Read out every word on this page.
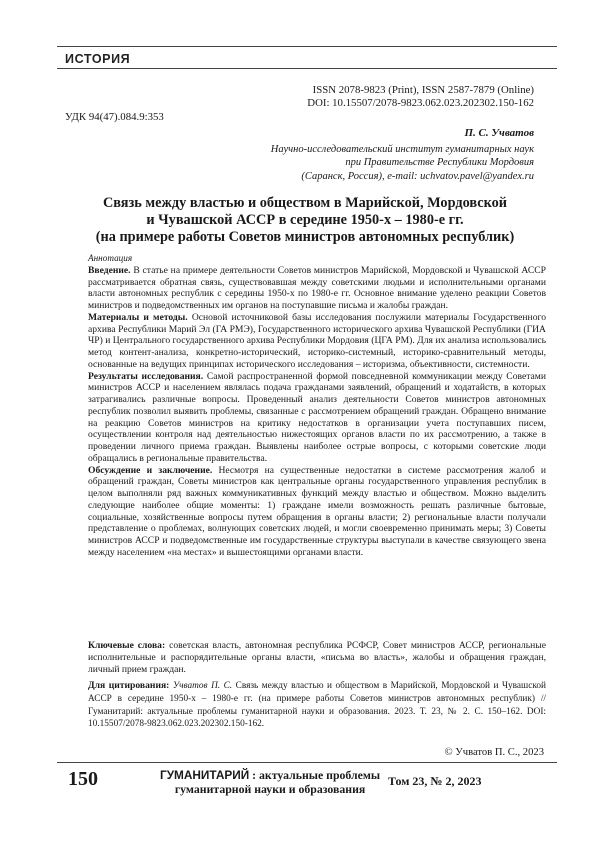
ИСТОРИЯ
ISSN 2078-9823 (Print), ISSN 2587-7879 (Online)
DOI: 10.15507/2078-9823.062.023.202302.150-162
УДК 94(47).084.9:353
П. С. Учватов
Научно-исследовательский институт гуманитарных наук
при Правительстве Республики Мордовия
(Саранск, Россия), e-mail: uchvatov.pavel@yandex.ru
Связь между властью и обществом в Марийской, Мордовской
и Чувашской АССР в середине 1950-х – 1980-е гг.
(на примере работы Советов министров автономных республик)

Аннотация

Введение. В статье на примере деятельности Советов министров Марийской, Мордовской и Чувашской АССР рассматривается обратная связь, существовавшая между советскими людьми и исполнительными органами власти автономных республик с середины 1950-х по 1980-е гг. Основное внимание уделено реакции Советов министров и подведомственных им органов на поступавшие письма и жалобы граждан.

Материалы и методы. Основой источниковой базы исследования послужили материалы Государственного архива Республики Марий Эл (ГА РМЭ), Государственного исторического архива Чувашской Республики (ГИА ЧР) и Центрального государственного архива Республики Мордовия (ЦГА РМ). Для их анализа использовались метод контент-анализа, конкретно-исторический, историко-системный, историко-сравнительный методы, основанные на ведущих принципах исторического исследования – историзма, объективности, системности.

Результаты исследования. Самой распространенной формой повседневной коммуникации между Советами министров АССР и населением являлась подача гражданами заявлений, обращений и ходатайств, в которых затрагивались различные вопросы. Проведенный анализ деятельности Советов министров автономных республик позволил выявить проблемы, связанные с рассмотрением обращений граждан. Обращено внимание на реакцию Советов министров на критику недостатков в организации учета поступавших писем, осуществлении контроля над деятельностью нижестоящих органов власти по их рассмотрению, а также в проведении личного приема граждан. Выявлены наиболее острые вопросы, с которыми советские люди обращались в региональные правительства.

Обсуждение и заключение. Несмотря на существенные недостатки в системе рассмотрения жалоб и обращений граждан, Советы министров как центральные органы государственного управления республик в целом выполняли ряд важных коммуникативных функций между властью и обществом. Можно выделить следующие наиболее общие моменты: 1) граждане имели возможность решать различные бытовые, социальные, хозяйственные вопросы путем обращения в органы власти; 2) региональные власти получали представление о проблемах, волнующих советских людей, и могли своевременно принимать меры; 3) Советы министров АССР и подведомственные им государственные структуры выступали в качестве связующего звена между населением «на местах» и вышестоящими органами власти.

Ключевые слова: советская власть, автономная республика РСФСР, Совет министров АССР, региональные исполнительные и распорядительные органы власти, «письма во власть», жалобы и обращения граждан, личный прием граждан.

Для цитирования: Учватов П. С. Связь между властью и обществом в Марийской, Мордовской и Чувашской АССР в середине 1950-х – 1980-е гг. (на примере работы Советов министров автономных республик) // Гуманитарий: актуальные проблемы гуманитарной науки и образования. 2023. Т. 23, № 2. С. 150–162. DOI: 10.15507/2078-9823.062.023.202302.150-162.

© Учватов П. С., 2023
150	ГУМАНИТАРИЙ : актуальные проблемы
гуманитарной науки и образования
Том 23, № 2, 2023
